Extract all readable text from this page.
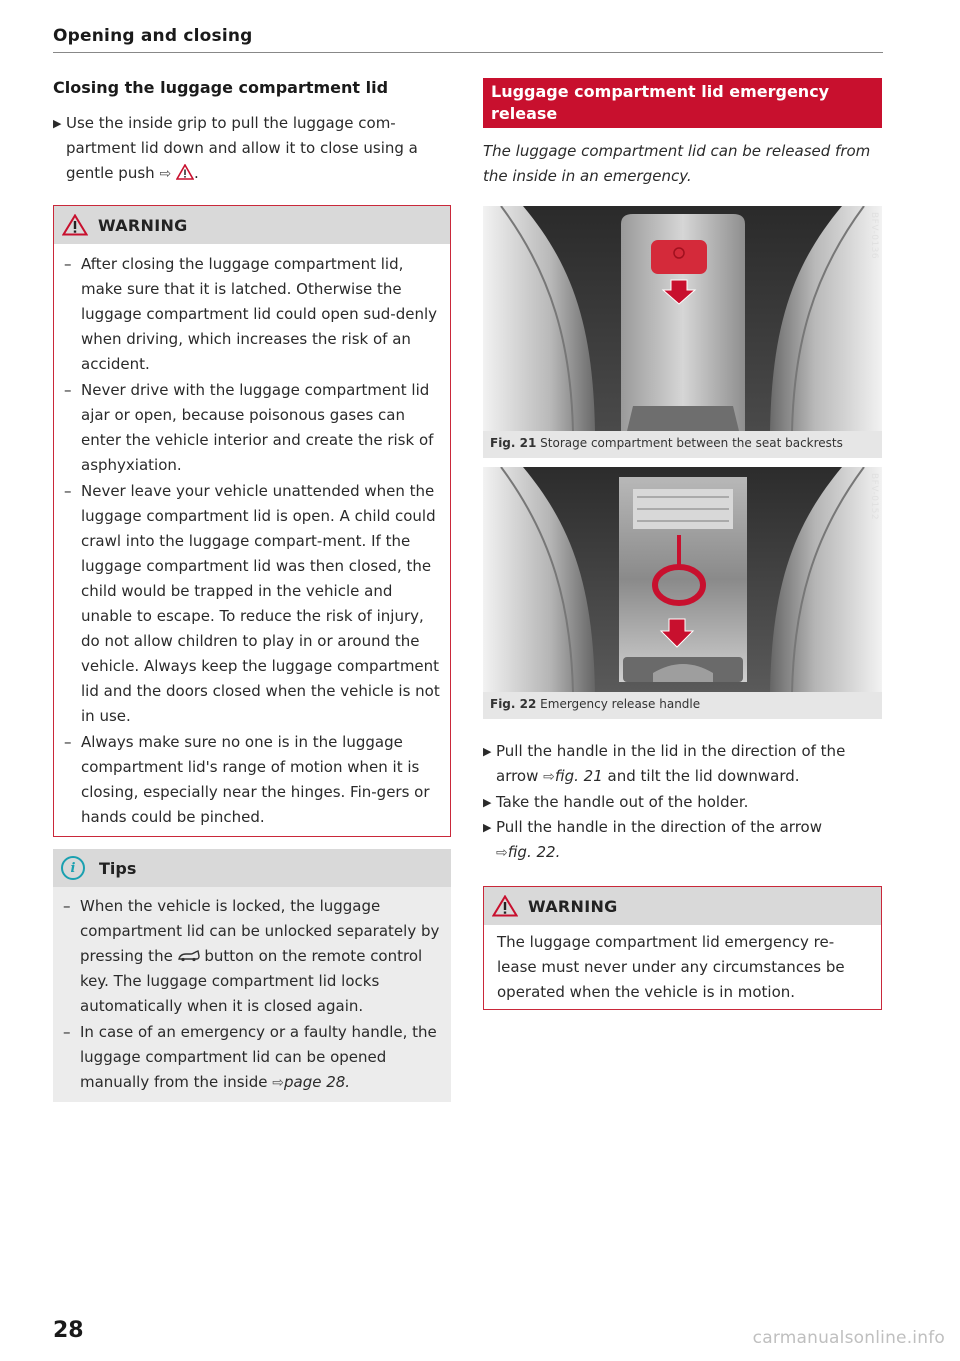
Opening and closing
Closing the luggage compartment lid
▶ Use the inside grip to pull the luggage com-partment lid down and allow it to close using a gentle push ⇨ .
WARNING
– After closing the luggage compartment lid, make sure that it is latched. Otherwise the luggage compartment lid could open sud-denly when driving, which increases the risk of an accident.
– Never drive with the luggage compartment lid ajar or open, because poisonous gases can enter the vehicle interior and create the risk of asphyxiation.
– Never leave your vehicle unattended when the luggage compartment lid is open. A child could crawl into the luggage compart-ment. If the luggage compartment lid was then closed, the child would be trapped in the vehicle and unable to escape. To reduce the risk of injury, do not allow children to play in or around the vehicle. Always keep the luggage compartment lid and the doors closed when the vehicle is not in use.
– Always make sure no one is in the luggage compartment lid's range of motion when it is closing, especially near the hinges. Fin-gers or hands could be pinched.
i	Tips
– When the vehicle is locked, the luggage compartment lid can be unlocked separately by pressing the button on the remote control key. The luggage compartment lid locks automatically when it is closed again.
– In case of an emergency or a faulty handle, the luggage compartment lid can be opened manually from the inside ⇨page 28.
Luggage compartment lid emergency release
The luggage compartment lid can be released from the inside in an emergency.
BFV-0136
Fig. 21 Storage compartment between the seat backrests
BFV-0152
Fig. 22 Emergency release handle
▶ Pull the handle in the lid in the direction of the arrow ⇨fig. 21 and tilt the lid downward.
▶ Take the handle out of the holder.
▶ Pull the handle in the direction of the arrow
⇨fig. 22.
WARNING
The luggage compartment lid emergency re-lease must never under any circumstances be operated when the vehicle is in motion.
28	carmanualsonline.info
